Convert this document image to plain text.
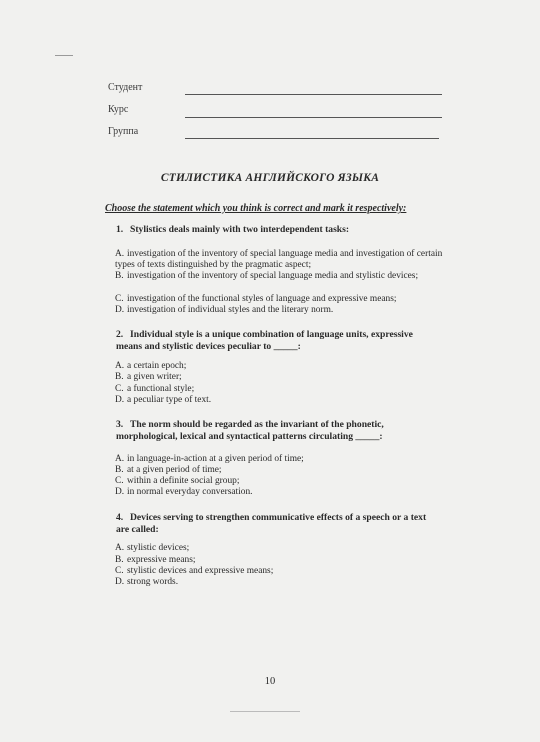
Студент
Курс
Группа
СТИЛИСТИКА АНГЛИЙСКОГО ЯЗЫКА
Choose the statement which you think is correct and mark it respectively:
1. Stylistics deals mainly with two interdependent tasks:
A. investigation of the inventory of special language media and investigation of certain types of texts distinguished by the pragmatic aspect;
B. investigation of the inventory of special language media and stylistic devices;
C. investigation of the functional styles of language and expressive means;
D. investigation of individual styles and the literary norm.
2. Individual style is a unique combination of language units, expressive means and stylistic devices peculiar to _____:
A. a certain epoch;
B. a given writer;
C. a functional style;
D. a peculiar type of text.
3. The norm should be regarded as the invariant of the phonetic, morphological, lexical and syntactical patterns circulating _____:
A. in language-in-action at a given period of time;
B. at a given period of time;
C. within a definite social group;
D. in normal everyday conversation.
4. Devices serving to strengthen communicative effects of a speech or a text are called:
A. stylistic devices;
B. expressive means;
C. stylistic devices and expressive means;
D. strong words.
10
